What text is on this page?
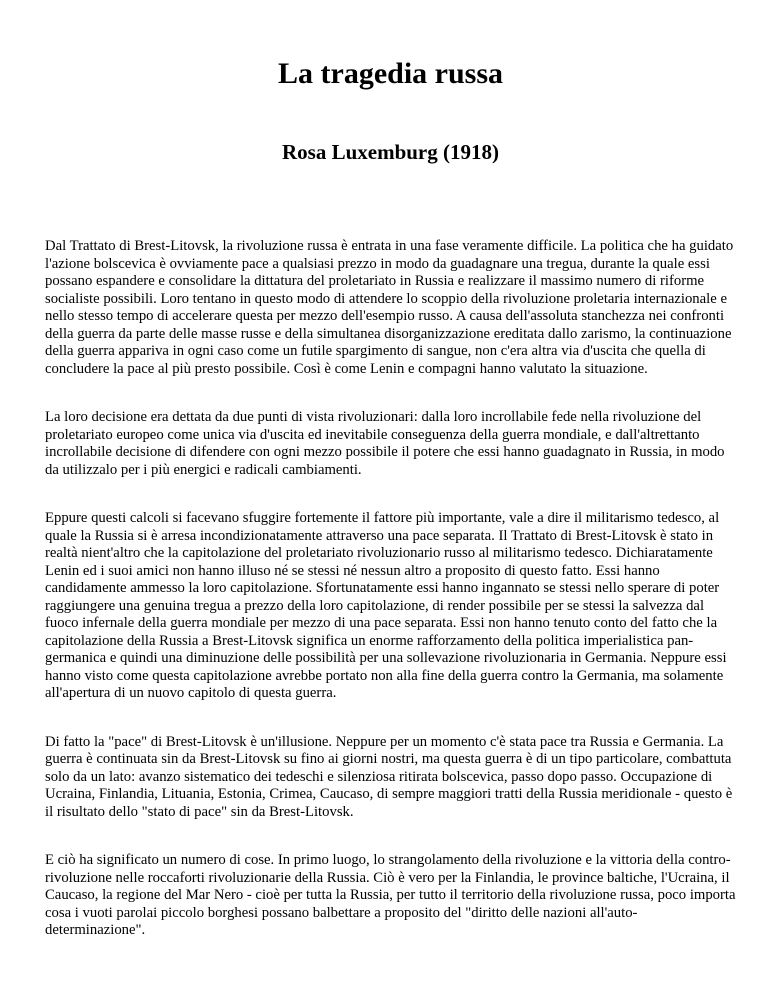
La tragedia russa
Rosa Luxemburg (1918)

Dal Trattato di Brest-Litovsk, la rivoluzione russa è entrata in una fase veramente difficile. La politica che ha guidato l'azione bolscevica è ovviamente pace a qualsiasi prezzo in modo da guadagnare una tregua, durante la quale essi possano espandere e consolidare la dittatura del proletariato in Russia e realizzare il massimo numero di riforme socialiste possibili. Loro tentano in questo modo di attendere lo scoppio della rivoluzione proletaria internazionale e nello stesso tempo di accelerare questa per mezzo dell'esempio russo. A causa dell'assoluta stanchezza nei confronti della guerra da parte delle masse russe e della simultanea disorganizzazione ereditata dallo zarismo, la continuazione della guerra appariva in ogni caso come un futile spargimento di sangue, non c'era altra via d'uscita che quella di concludere la pace al più presto possibile. Così è come Lenin e compagni hanno valutato la situazione.

La loro decisione era dettata da due punti di vista rivoluzionari: dalla loro incrollabile fede nella rivoluzione del proletariato europeo come unica via d'uscita ed inevitabile conseguenza della guerra mondiale, e dall'altrettanto incrollabile decisione di difendere con ogni mezzo possibile il potere che essi hanno guadagnato in Russia, in modo da utilizzalo per i più energici e radicali cambiamenti.

Eppure questi calcoli si facevano sfuggire fortemente il fattore più importante, vale a dire il militarismo tedesco, al quale la Russia si è arresa incondizionatamente attraverso una pace separata. Il Trattato di Brest-Litovsk è stato in realtà nient'altro che la capitolazione del proletariato rivoluzionario russo al militarismo tedesco. Dichiaratamente Lenin ed i suoi amici non hanno illuso né se stessi né nessun altro a proposito di questo fatto. Essi hanno candidamente ammesso la loro capitolazione. Sfortunatamente essi hanno ingannato se stessi nello sperare di poter raggiungere una genuina tregua a prezzo della loro capitolazione, di render possibile per se stessi la salvezza dal fuoco infernale della guerra mondiale per mezzo di una pace separata. Essi non hanno tenuto conto del fatto che la capitolazione della Russia a Brest-Litovsk significa un enorme rafforzamento della politica imperialistica pan-germanica e quindi una diminuzione delle possibilità per una sollevazione rivoluzionaria in Germania. Neppure essi hanno visto come questa capitolazione avrebbe portato non alla fine della guerra contro la Germania, ma solamente all'apertura di un nuovo capitolo di questa guerra.

Di fatto la "pace" di Brest-Litovsk è un'illusione. Neppure per un momento c'è stata pace tra Russia e Germania. La guerra è continuata sin da Brest-Litovsk su fino ai giorni nostri, ma questa guerra è di un tipo particolare, combattuta solo da un lato: avanzo sistematico dei tedeschi e silenziosa ritirata bolscevica, passo dopo passo. Occupazione di Ucraina, Finlandia, Lituania, Estonia, Crimea, Caucaso, di sempre maggiori tratti della Russia meridionale - questo è il risultato dello "stato di pace" sin da Brest-Litovsk.

E ciò ha significato un numero di cose. In primo luogo, lo strangolamento della rivoluzione e la vittoria della contro-rivoluzione nelle roccaforti rivoluzionarie della Russia. Ciò è vero per la Finlandia, le province baltiche, l'Ucraina, il Caucaso, la regione del Mar Nero - cioè per tutta la Russia, per tutto il territorio della rivoluzione russa, poco importa cosa i vuoti parolai piccolo borghesi possano balbettare a proposito del "diritto delle nazioni all'auto-determinazione".
